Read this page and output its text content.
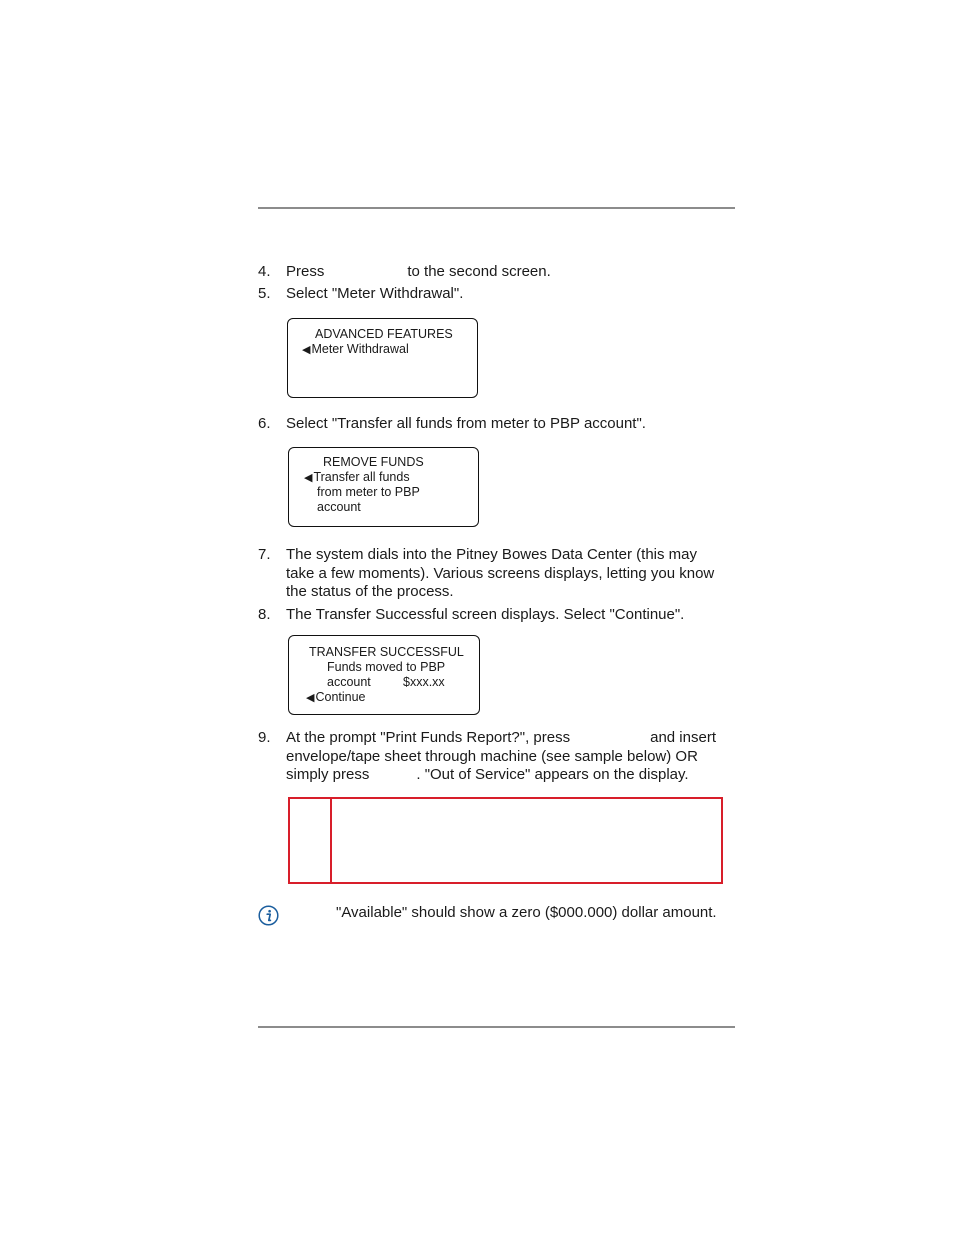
4.	Press	to the second screen.
5.	Select "Meter Withdrawal".
ADVANCED FEATURES
◀Meter Withdrawal
6.	Select "Transfer all funds from meter to PBP account".
REMOVE FUNDS
◀Transfer all funds
from meter to PBP
account
7.	The system dials into the Pitney Bowes Data Center (this may
take a few moments). Various screens displays, letting you know
the status of the process.
8.	The Transfer Successful screen displays. Select "Continue".
TRANSFER SUCCESSFUL
Funds moved to PBP
account	$xxx.xx
◀Continue
9.	At the prompt "Print Funds Report?", press	and insert
envelope/tape sheet through machine (see sample below) OR
simply press	. "Out of Service" appears on the display.
"Available" should show a zero ($000.000) dollar amount.
